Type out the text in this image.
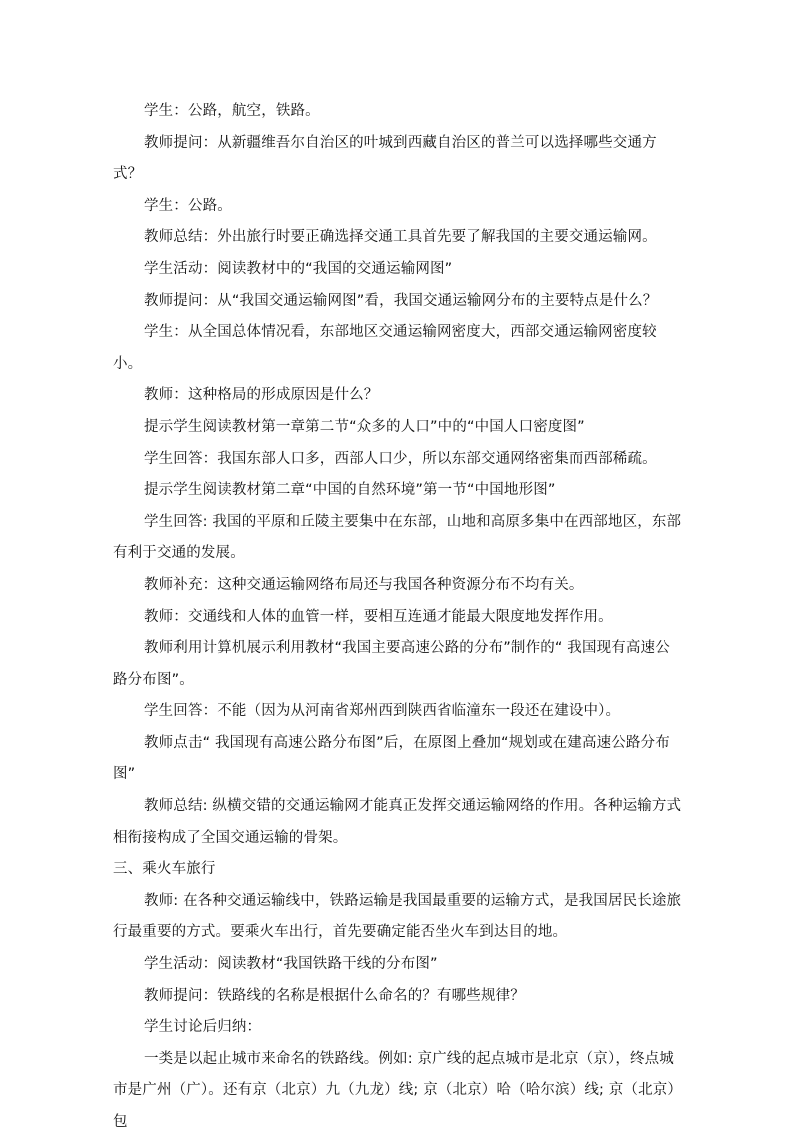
学生：公路，航空，铁路。

教师提问：从新疆维吾尔自治区的叶城到西藏自治区的普兰可以选择哪些交通方式？

学生：公路。

教师总结：外出旅行时要正确选择交通工具首先要了解我国的主要交通运输网。

学生活动：阅读教材中的“我国的交通运输网图”

教师提问：从“我国交通运输网图”看，我国交通运输网分布的主要特点是什么？

学生：从全国总体情况看，东部地区交通运输网密度大，西部交通运输网密度较小。

教师：这种格局的形成原因是什么？

提示学生阅读教材第一章第二节“众多的人口”中的“中国人口密度图”

学生回答：我国东部人口多，西部人口少，所以东部交通网络密集而西部稀疏。

提示学生阅读教材第二章“中国的自然环境”第一节“中国地形图”

学生回答: 我国的平原和丘陵主要集中在东部，山地和高原多集中在西部地区，东部有利于交通的发展。

教师补充：这种交通运输网络布局还与我国各种资源分布不均有关。

教师：交通线和人体的血管一样，要相互连通才能最大限度地发挥作用。

教师利用计算机展示利用教材“我国主要高速公路的分布”制作的“ 我国现有高速公路分布图”。

学生回答：不能（因为从河南省郑州西到陕西省临潼东一段还在建设中）。

教师点击“ 我国现有高速公路分布图”后，在原图上叠加“规划或在建高速公路分布图”

教师总结: 纵横交错的交通运输网才能真正发挥交通运输网络的作用。各种运输方式相衔接构成了全国交通运输的骨架。

三、乘火车旅行

教师: 在各种交通运输线中，铁路运输是我国最重要的运输方式，是我国居民长途旅行最重要的方式。要乘火车出行，首先要确定能否坐火车到达目的地。

学生活动：阅读教材“我国铁路干线的分布图”

教师提问：铁路线的名称是根据什么命名的？有哪些规律？

学生讨论后归纳：

一类是以起止城市来命名的铁路线。例如: 京广线的起点城市是北京（京），终点城市是广州（广）。还有京（北京）九（九龙）线; 京（北京）哈（哈尔滨）线; 京（北京）包
